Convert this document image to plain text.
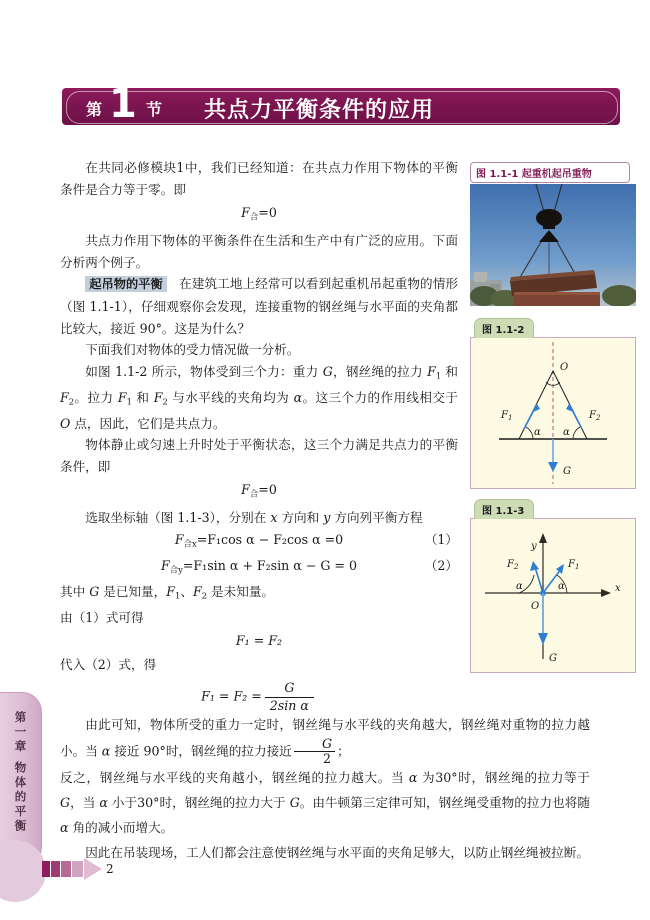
第一章 物体的平衡
第 1 节 共点力平衡条件的应用

在共同必修模块1中，我们已经知道：在共点力作用下物体的平衡条件是合力等于零。即

F合=0

共点力作用下物体的平衡条件在生活和生产中有广泛的应用。下面分析两个例子。

起吊物的平衡 在建筑工地上经常可以看到起重机吊起重物的情形（图 1.1-1），仔细观察你会发现，连接重物的钢丝绳与水平面的夹角都比较大，接近 90°。这是为什么？

下面我们对物体的受力情况做一分析。

如图 1.1-2 所示，物体受到三个力：重力 G，钢丝绳的拉力 $F_1$ 和 $F_2$。拉力 $F_1$ 和 $F_2$ 与水平线的夹角均为 α。这三个力的作用线相交于 O 点，因此，它们是共点力。

物体静止或匀速上升时处于平衡状态，这三个力满足共点力的平衡条件，即

F合=0

选取坐标轴（图 1.1-3），分别在 x 方向和 y 方向列平衡方程

F合$_x$=F₁cos α − F₂cos α =0	（1）
F合$_y$=F₁sin α + F₂sin α − G = 0	（2）

其中 G 是已知量，$F_1$、$F_2$ 是未知量。

由（1）式可得

F₁ = F₂

代入（2）式，得

$F_1 = F_2 = \frac{G}{\text{2sin α}}$

由此可知，物体所受的重力一定时，钢丝绳与水平线的夹角越大，钢丝绳对重物的拉力越小。当 α 接近 90°时，钢丝绳的拉力接近 $\frac{G}{2}$ ；

反之，钢丝绳与水平线的夹角越小，钢丝绳的拉力越大。当 α 为30°时，钢丝绳的拉力等于 G，当 α 小于30°时，钢丝绳的拉力大于 G。由牛顿第三定律可知，钢丝绳受重物的拉力也将随 α 角的减小而增大。

因此在吊装现场，工人们都会注意使钢丝绳与水平面的夹角足够大，以防止钢丝绳被拉断。

图 1.1-1 起重机起吊重物
图 1.1-2
O
$F_1$	$F_2$
α α
G
图 1.1-3
y
x
O
$F_1$
$F_2$
α
α
G
2
